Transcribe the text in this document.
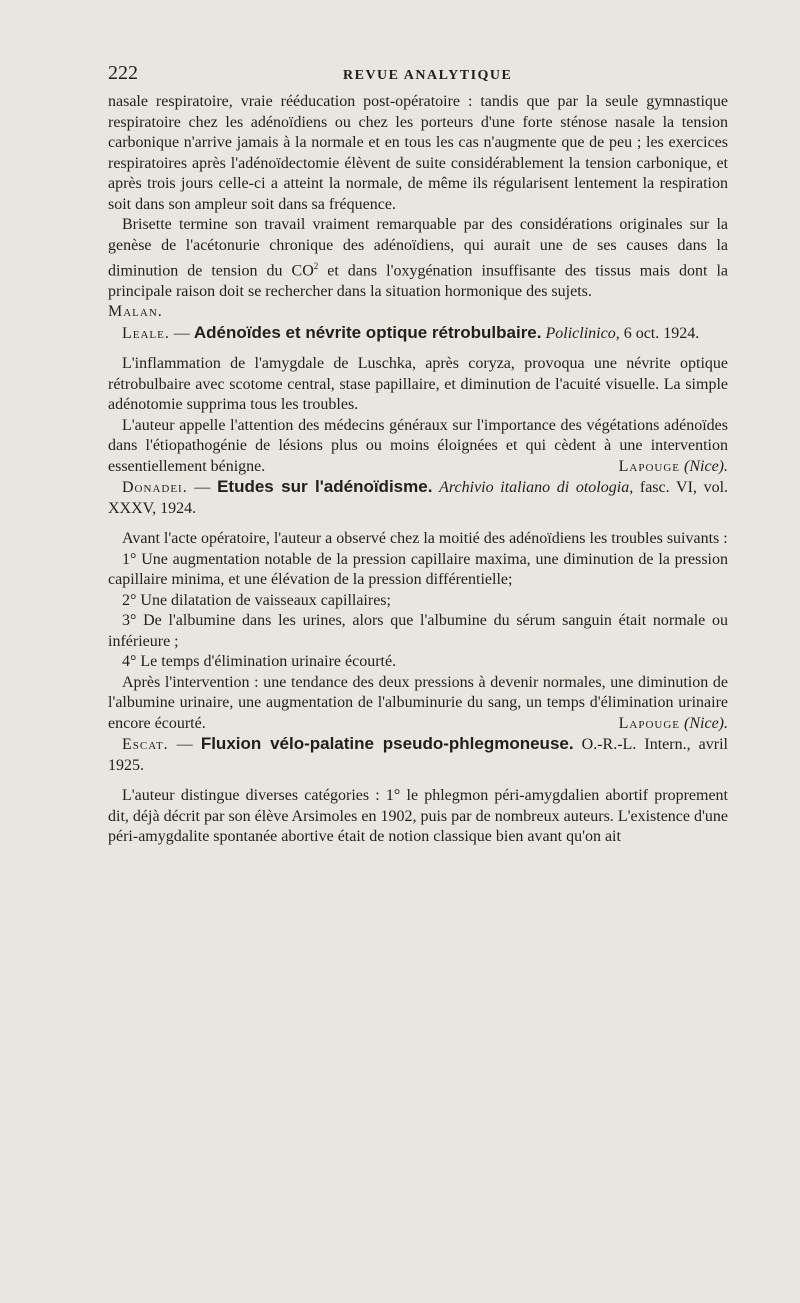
222	REVUE ANALYTIQUE

nasale respiratoire, vraie rééducation post-opératoire : tandis que par la seule gymnastique respiratoire chez les adénoïdiens ou chez les porteurs d'une forte sténose nasale la tension carbonique n'arrive jamais à la normale et en tous les cas n'augmente que de peu ; les exercices respiratoires après l'adénoïdectomie élèvent de suite considérablement la tension carbonique, et après trois jours celle-ci a atteint la normale, de même ils régularisent lentement la respiration soit dans son ampleur soit dans sa fréquence.

Brisette termine son travail vraiment remarquable par des considérations originales sur la genèse de l'acétonurie chronique des adénoïdiens, qui aurait une de ses causes dans la diminution de tension du $CO^2$ et dans l'oxygénation insuffisante des tissus mais dont la principale raison doit se rechercher dans la situation hormonique des sujets.

Malan.

Leale. — Adénoïdes et névrite optique rétrobulbaire. Policlinico, 6 oct. 1924.

L'inflammation de l'amygdale de Luschka, après coryza, provoqua une névrite optique rétrobulbaire avec scotome central, stase papillaire, et diminution de l'acuité visuelle. La simple adénotomie supprima tous les troubles.

L'auteur appelle l'attention des médecins généraux sur l'importance des végétations adénoïdes dans l'étiopathogénie de lésions plus ou moins éloignées et qui cèdent à une intervention essentiellement bénigne.	Lapouge (Nice).

Donadei. — Etudes sur l'adénoïdisme. Archivio italiano di otologia, fasc. VI, vol. XXXV, 1924.

Avant l'acte opératoire, l'auteur a observé chez la moitié des adénoïdiens les troubles suivants :

1° Une augmentation notable de la pression capillaire maxima, une diminution de la pression capillaire minima, et une élévation de la pression différentielle;

2° Une dilatation de vaisseaux capillaires;

3° De l'albumine dans les urines, alors que l'albumine du sérum sanguin était normale ou inférieure ;

4° Le temps d'élimination urinaire écourté.

Après l'intervention : une tendance des deux pressions à devenir normales, une diminution de l'albumine urinaire, une augmentation de l'albuminurie du sang, un temps d'élimination urinaire encore écourté.	Lapouge (Nice).

Escat. — Fluxion vélo-palatine pseudo-phlegmoneuse. O.-R.-L. Intern., avril 1925.

L'auteur distingue diverses catégories : 1° le phlegmon péri-amygdalien abortif proprement dit, déjà décrit par son élève Arsimoles en 1902, puis par de nombreux auteurs. L'existence d'une péri-amygdalite spontanée abortive était de notion classique bien avant qu'on ait
